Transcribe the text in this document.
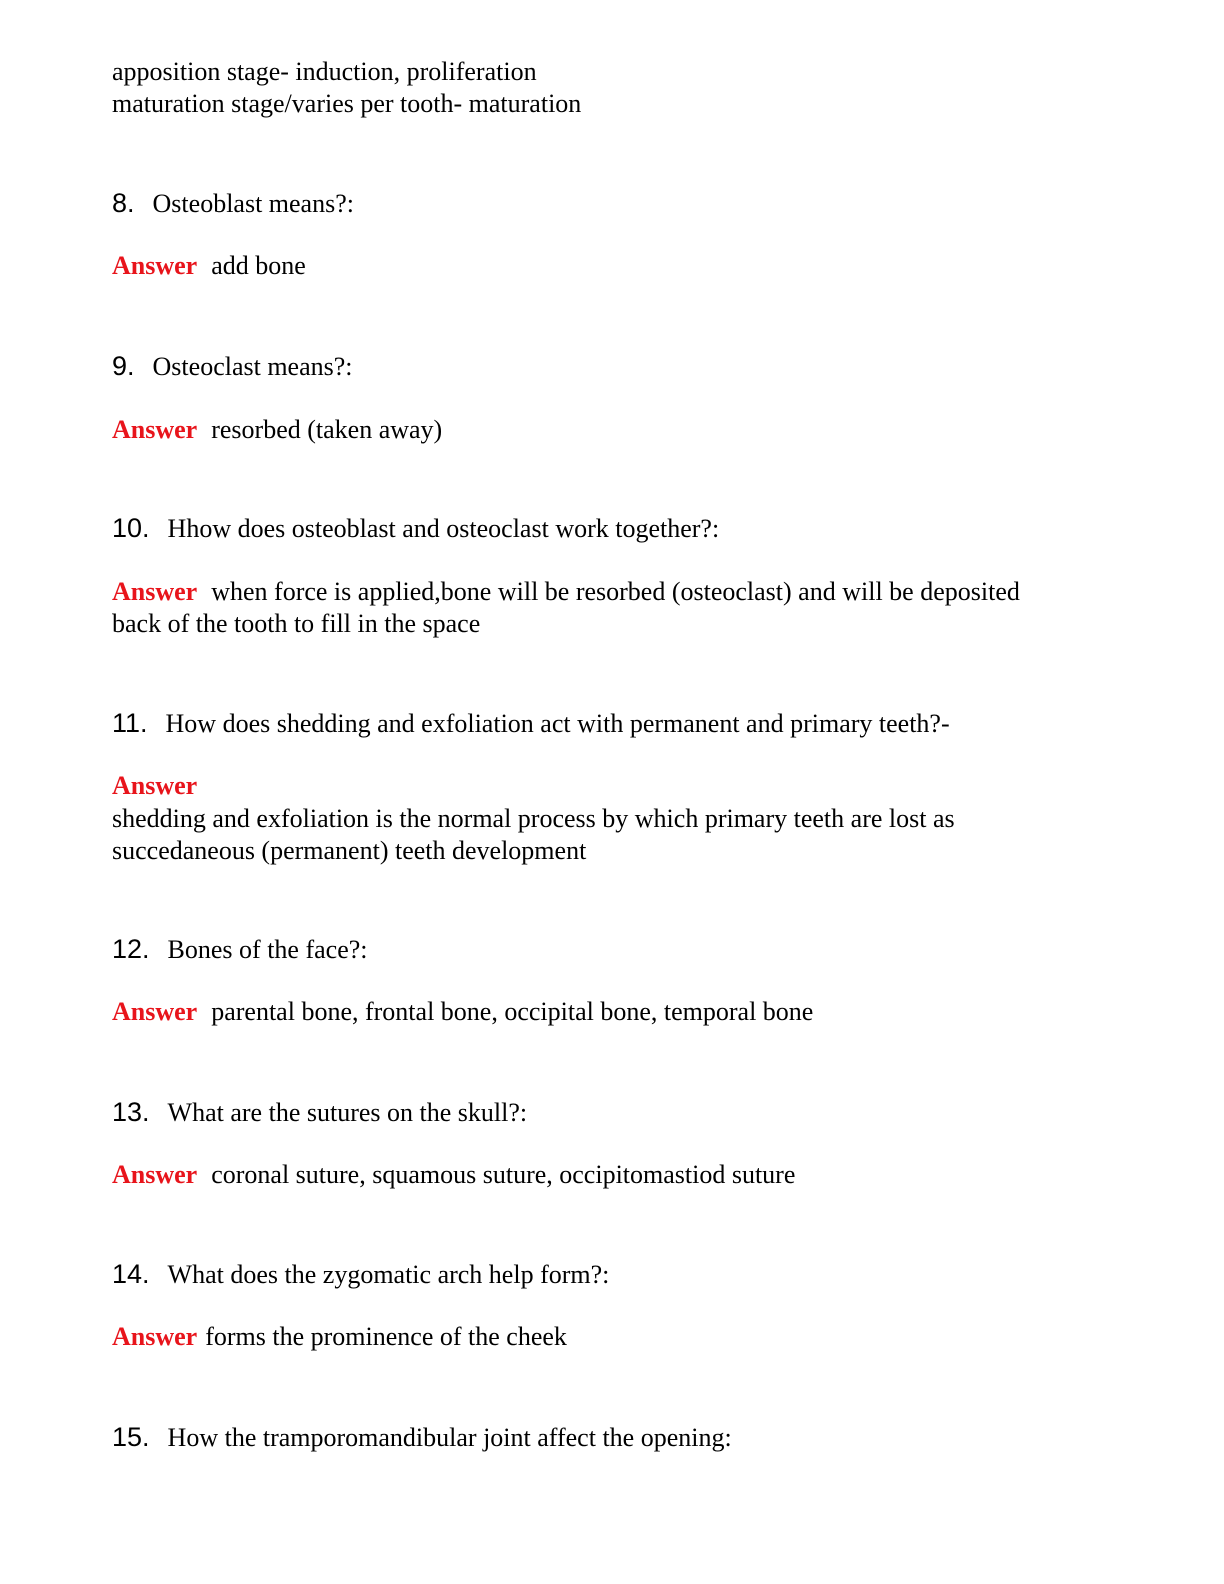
apposition stage- induction, proliferation
maturation stage/varies per tooth- maturation
8. Osteoblast means?:
Answer add bone
9. Osteoclast means?:
Answer resorbed (taken away)
10. Hhow does osteoblast and osteoclast work together?:
Answer when force is applied,bone will be resorbed (osteoclast) and will be deposited
back of the tooth to fill in the space
11. How does shedding and exfoliation act with permanent and primary teeth?-
Answer
shedding and exfoliation is the normal process by which primary teeth are lost as
succedaneous (permanent) teeth development
12. Bones of the face?:
Answer parental bone, frontal bone, occipital bone, temporal bone
13. What are the sutures on the skull?:
Answer coronal suture, squamous suture, occipitomastiod suture
14. What does the zygomatic arch help form?:
Answer forms the prominence of the cheek
15. How the tramporomandibular joint affect the opening:
